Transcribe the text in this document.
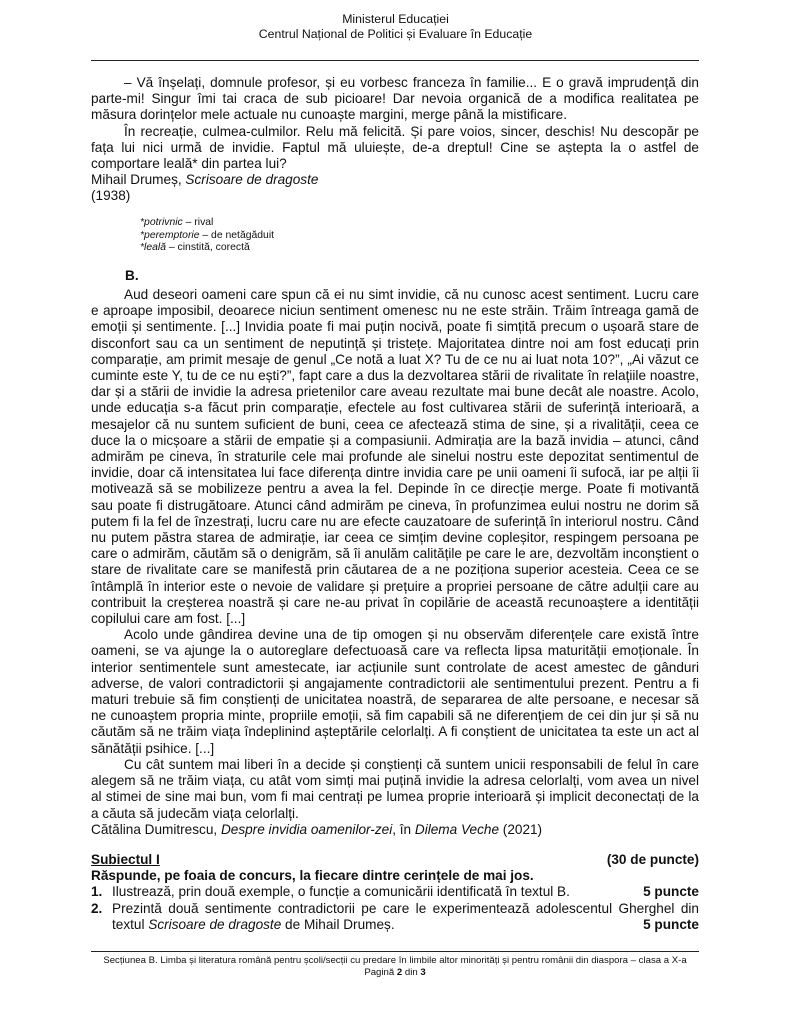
Ministerul Educației
Centrul Național de Politici și Evaluare în Educație

– Vă înșelați, domnule profesor, și eu vorbesc franceza în familie... E o gravă imprudență din parte-mi! Singur îmi tai craca de sub picioare! Dar nevoia organică de a modifica realitatea pe măsura dorințelor mele actuale nu cunoaște margini, merge până la mistificare.

În recreație, culmea-culmilor. Relu mă felicită. Și pare voios, sincer, deschis! Nu descopăr pe fața lui nici urmă de invidie. Faptul mă uluiește, de-a dreptul! Cine se aștepta la o astfel de comportare leală* din partea lui?

Mihail Drumeș, Scrisoare de dragoste

(1938)

*potrivnic – rival
*peremptorie – de netăgăduit
*leală – cinstită, corectă
B.

Aud deseori oameni care spun că ei nu simt invidie, că nu cunosc acest sentiment. Lucru care e aproape imposibil, deoarece niciun sentiment omenesc nu ne este străin. Trăim întreaga gamă de emoții și sentimente. [...] Invidia poate fi mai puțin nocivă, poate fi simțită precum o ușoară stare de disconfort sau ca un sentiment de neputință și tristețe. Majoritatea dintre noi am fost educați prin comparație, am primit mesaje de genul „Ce notă a luat X? Tu de ce nu ai luat nota 10?”, „Ai văzut ce cuminte este Y, tu de ce nu ești?”, fapt care a dus la dezvoltarea stării de rivalitate în relațiile noastre, dar și a stării de invidie la adresa prietenilor care aveau rezultate mai bune decât ale noastre. Acolo, unde educația s-a făcut prin comparație, efectele au fost cultivarea stării de suferință interioară, a mesajelor că nu suntem suficient de buni, ceea ce afectează stima de sine, și a rivalității, ceea ce duce la o micșoare a stării de empatie și a compasiunii. Admirația are la bază invidia – atunci, când admirăm pe cineva, în straturile cele mai profunde ale sinelui nostru este depozitat sentimentul de invidie, doar că intensitatea lui face diferența dintre invidia care pe unii oameni îi sufocă, iar pe alții îi motivează să se mobilizeze pentru a avea la fel. Depinde în ce direcție merge. Poate fi motivantă sau poate fi distrugătoare. Atunci când admirăm pe cineva, în profunzimea eului nostru ne dorim să putem fi la fel de înzestrați, lucru care nu are efecte cauzatoare de suferință în interiorul nostru. Când nu putem păstra starea de admirație, iar ceea ce simțim devine copleșitor, respingem persoana pe care o admirăm, căutăm să o denigrăm, să îi anulăm calitățile pe care le are, dezvoltăm inconștient o stare de rivalitate care se manifestă prin căutarea de a ne poziționa superior acesteia. Ceea ce se întâmplă în interior este o nevoie de validare și prețuire a propriei persoane de către adulții care au contribuit la creșterea noastră și care ne-au privat în copilărie de această recunoaștere a identității copilului care am fost. [...]

Acolo unde gândirea devine una de tip omogen și nu observăm diferențele care există între oameni, se va ajunge la o autoreglare defectuoasă care va reflecta lipsa maturității emoționale. În interior sentimentele sunt amestecate, iar acțiunile sunt controlate de acest amestec de gânduri adverse, de valori contradictorii și angajamente contradictorii ale sentimentului prezent. Pentru a fi maturi trebuie să fim conștienți de unicitatea noastră, de separarea de alte persoane, e necesar să ne cunoaștem propria minte, propriile emoții, să fim capabili să ne diferențiem de cei din jur și să nu căutăm să ne trăim viața îndeplinind așteptările celorlalți. A fi conștient de unicitatea ta este un act al sănătății psihice. [...]

Cu cât suntem mai liberi în a decide și conștienți că suntem unicii responsabili de felul în care alegem să ne trăim viața, cu atât vom simți mai puțină invidie la adresa celorlalți, vom avea un nivel al stimei de sine mai bun, vom fi mai centrați pe lumea proprie interioară și implicit deconectați de la a căuta să judecăm viața celorlalți.

Cătălina Dumitrescu, Despre invidia oamenilor-zei, în Dilema Veche (2021)

Subiectul I	(30 de puncte)
Răspunde, pe foaia de concurs, la fiecare dintre cerințele de mai jos.
1. Ilustrează, prin două exemple, o funcție a comunicării identificată în textul B.	5 puncte
2. Prezintă două sentimente contradictorii pe care le experimentează adolescentul Gherghel din textul Scrisoare de dragoste de Mihail Drumeș.	5 puncte
Secțiunea B. Limba și literatura română pentru școli/secții cu predare în limbile altor minorități și pentru românii din diaspora – clasa a X-a
Pagină 2 din 3
